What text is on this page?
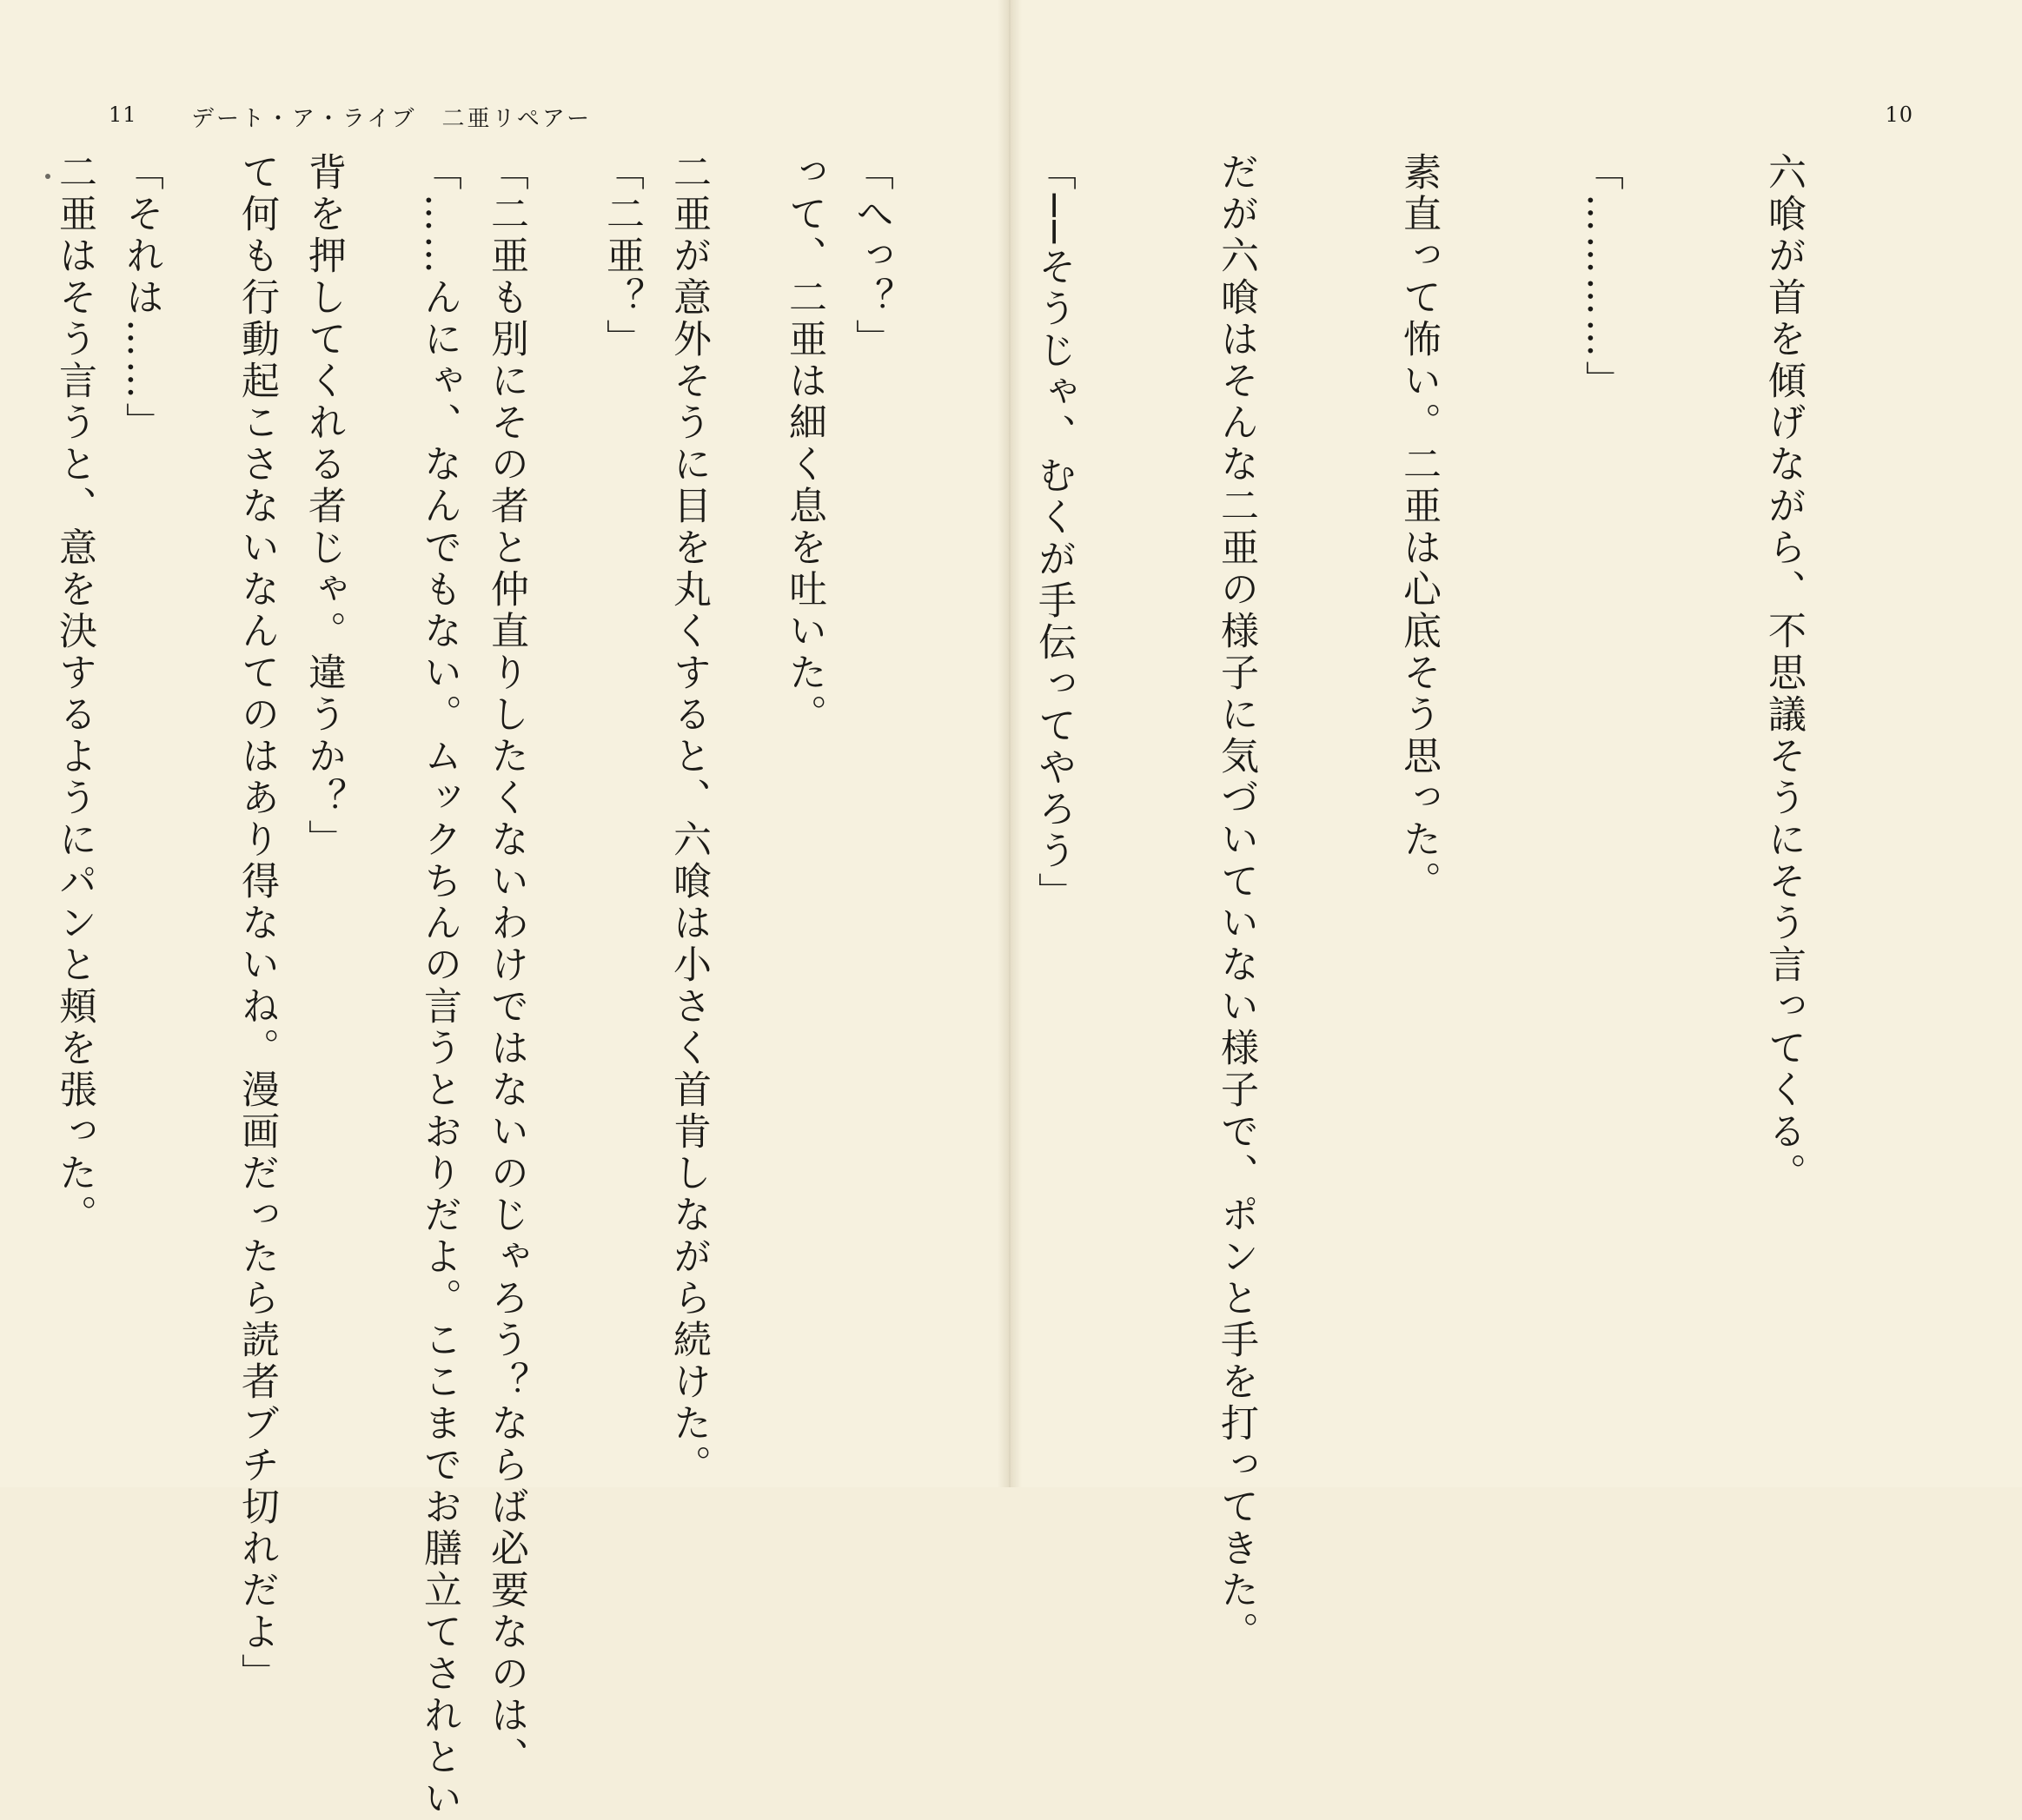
11 デート・ア・ライブ　二亜リペアー

って、二亜は細く息を吐いた。

「二亜？」

「……んにゃ、なんでもない。ムックちんの言うとおりだよ。ここまでお膳立てされとい

て何も行動起こさないなんてのはあり得ないね。漫画だったら読者ブチ切れだよ」

二亜はそう言うと、意を決するようにパンと頬を張った。

10

六喰が首を傾げながら、不思議そうにそう言ってくる。

「…………」

素直って怖い。二亜は心底そう思った。

だが六喰はそんな二亜の様子に気づいていない様子で、ポンと手を打ってきた。

「──そうじゃ、むくが手伝ってやろう」

「へっ？」

二亜が意外そうに目を丸くすると、六喰は小さく首肯しながら続けた。

「二亜も別にその者と仲直りしたくないわけではないのじゃろう？ならば必要なのは、

背を押してくれる者じゃ。違うか？」

「それは……」
